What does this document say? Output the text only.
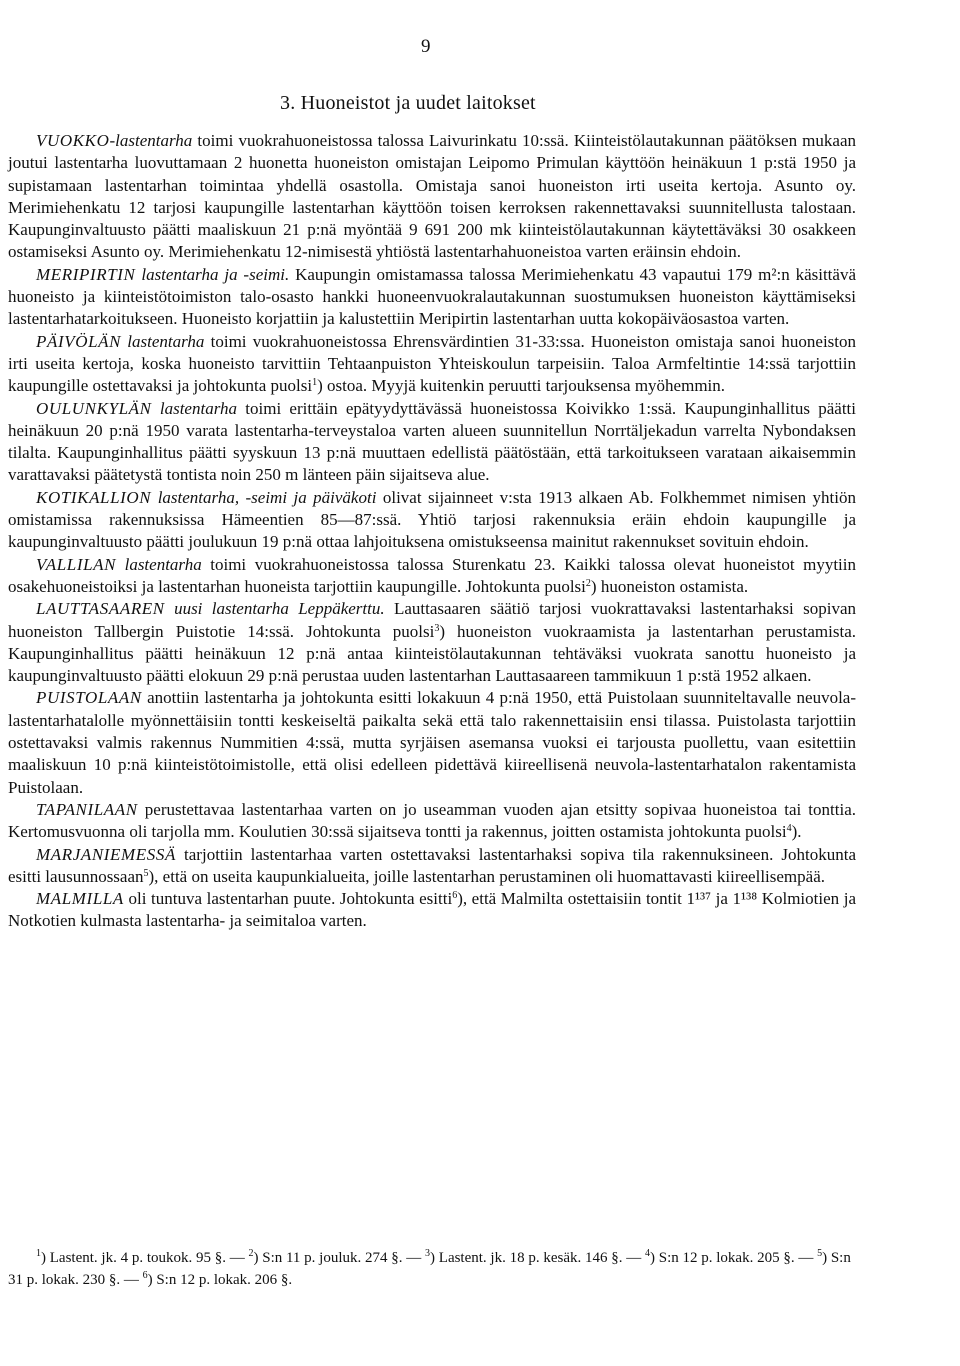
9
3. Huoneistot ja uudet laitokset

VUOKKO-lastentarha toimi vuokrahuoneistossa talossa Laivurinkatu 10:ssä. Kiinteistölautakunnan päätöksen mukaan joutui lastentarha luovuttamaan 2 huonetta huoneiston omistajan Leipomo Primulan käyttöön heinäkuun 1 p:stä 1950 ja supistamaan lastentarhan toimintaa yhdellä osastolla. Omistaja sanoi huoneiston irti useita kertoja. Asunto oy. Merimiehenkatu 12 tarjosi kaupungille lastentarhan käyttöön toisen kerroksen rakennettavaksi suunnitellusta talostaan. Kaupunginvaltuusto päätti maaliskuun 21 p:nä myöntää 9 691 200 mk kiinteistölautakunnan käytettäväksi 30 osakkeen ostamiseksi Asunto oy. Merimiehenkatu 12-nimisestä yhtiöstä lastentarhahuoneistoa varten eräinsin ehdoin.

MERIPIRTIN lastentarha ja -seimi. Kaupungin omistamassa talossa Merimiehenkatu 43 vapautui 179 m²:n käsittävä huoneisto ja kiinteistötoimiston talo-osasto hankki huoneenvuokralautakunnan suostumuksen huoneiston käyttämiseksi lastentarhatarkoitukseen. Huoneisto korjattiin ja kalustettiin Meripirtin lastentarhan uutta kokopäiväosastoa varten.

PÄIVÖLÄN lastentarha toimi vuokrahuoneistossa Ehrensvärdintien 31-33:ssa. Huoneiston omistaja sanoi huoneiston irti useita kertoja, koska huoneisto tarvittiin Tehtaanpuiston Yhteiskoulun tarpeisiin. Taloa Armfeltintie 14:ssä tarjottiin kaupungille ostettavaksi ja johtokunta puolsi$^1$) ostoa. Myyjä kuitenkin peruutti tarjouksensa myöhemmin.

OULUNKYLÄN lastentarha toimi erittäin epätyydyttävässä huoneistossa Koivikko 1:ssä. Kaupunginhallitus päätti heinäkuun 20 p:nä 1950 varata lastentarha-terveystaloa varten alueen suunnitellun Norrtäljekadun varrelta Nybondaksen tilalta. Kaupunginhallitus päätti syyskuun 13 p:nä muuttaen edellistä päätöstään, että tarkoitukseen varataan aikaisemmin varattavaksi päätetystä tontista noin 250 m länteen päin sijaitseva alue.

KOTIKALLION lastentarha, -seimi ja päiväkoti olivat sijainneet v:sta 1913 alkaen Ab. Folkhemmet nimisen yhtiön omistamissa rakennuksissa Hämeentien 85—87:ssä. Yhtiö tarjosi rakennuksia eräin ehdoin kaupungille ja kaupunginvaltuusto päätti joulukuun 19 p:nä ottaa lahjoituksena omistukseensa mainitut rakennukset sovituin ehdoin.

VALLILAN lastentarha toimi vuokrahuoneistossa talossa Sturenkatu 23. Kaikki talossa olevat huoneistot myytiin osakehuoneistoiksi ja lastentarhan huoneista tarjottiin kaupungille. Johtokunta puolsi$^2$) huoneiston ostamista.

LAUTTASAAREN uusi lastentarha Leppäkerttu. Lauttasaaren säätiö tarjosi vuokrattavaksi lastentarhaksi sopivan huoneiston Tallbergin Puistotie 14:ssä. Johtokunta puolsi$^3$) huoneiston vuokraamista ja lastentarhan perustamista. Kaupunginhallitus päätti heinäkuun 12 p:nä antaa kiinteistölautakunnan tehtäväksi vuokrata sanottu huoneisto ja kaupunginvaltuusto päätti elokuun 29 p:nä perustaa uuden lastentarhan Lauttasaareen tammikuun 1 p:stä 1952 alkaen.

PUISTOLAAN anottiin lastentarha ja johtokunta esitti lokakuun 4 p:nä 1950, että Puistolaan suunniteltavalle neuvola-lastentarhatalolle myönnettäisiin tontti keskeiseltä paikalta sekä että talo rakennettaisiin ensi tilassa. Puistolasta tarjottiin ostettavaksi valmis rakennus Nummitien 4:ssä, mutta syrjäisen asemansa vuoksi ei tarjousta puollettu, vaan esitettiin maaliskuun 10 p:nä kiinteistötoimistolle, että olisi edelleen pidettävä kiireellisenä neuvola-lastentarhatalon rakentamista Puistolaan.

TAPANILAAN perustettavaa lastentarhaa varten on jo useamman vuoden ajan etsitty sopivaa huoneistoa tai tonttia. Kertomusvuonna oli tarjolla mm. Koulutien 30:ssä sijaitseva tontti ja rakennus, joitten ostamista johtokunta puolsi$^4$).

MARJANIEMESSÄ tarjottiin lastentarhaa varten ostettavaksi lastentarhaksi sopiva tila rakennuksineen. Johtokunta esitti lausunnossaan$^5$), että on useita kaupunkialueita, joille lastentarhan perustaminen oli huomattavasti kiireellisempää.

MALMILLA oli tuntuva lastentarhan puute. Johtokunta esitti$^6$), että Malmilta ostettaisiin tontit 1¹³⁷ ja 1¹³⁸ Kolmiotien ja Notkotien kulmasta lastentarha- ja seimitaloa varten.

$^1$) Lastent. jk. 4 p. toukok. 95 §. — $^2$) S:n 11 p. jouluk. 274 §. — $^3$) Lastent. jk. 18 p. kesäk. 146 §. — $^4$) S:n 12 p. lokak. 205 §. — $^5$) S:n 31 p. lokak. 230 §. — $^6$) S:n 12 p. lokak. 206 §.
